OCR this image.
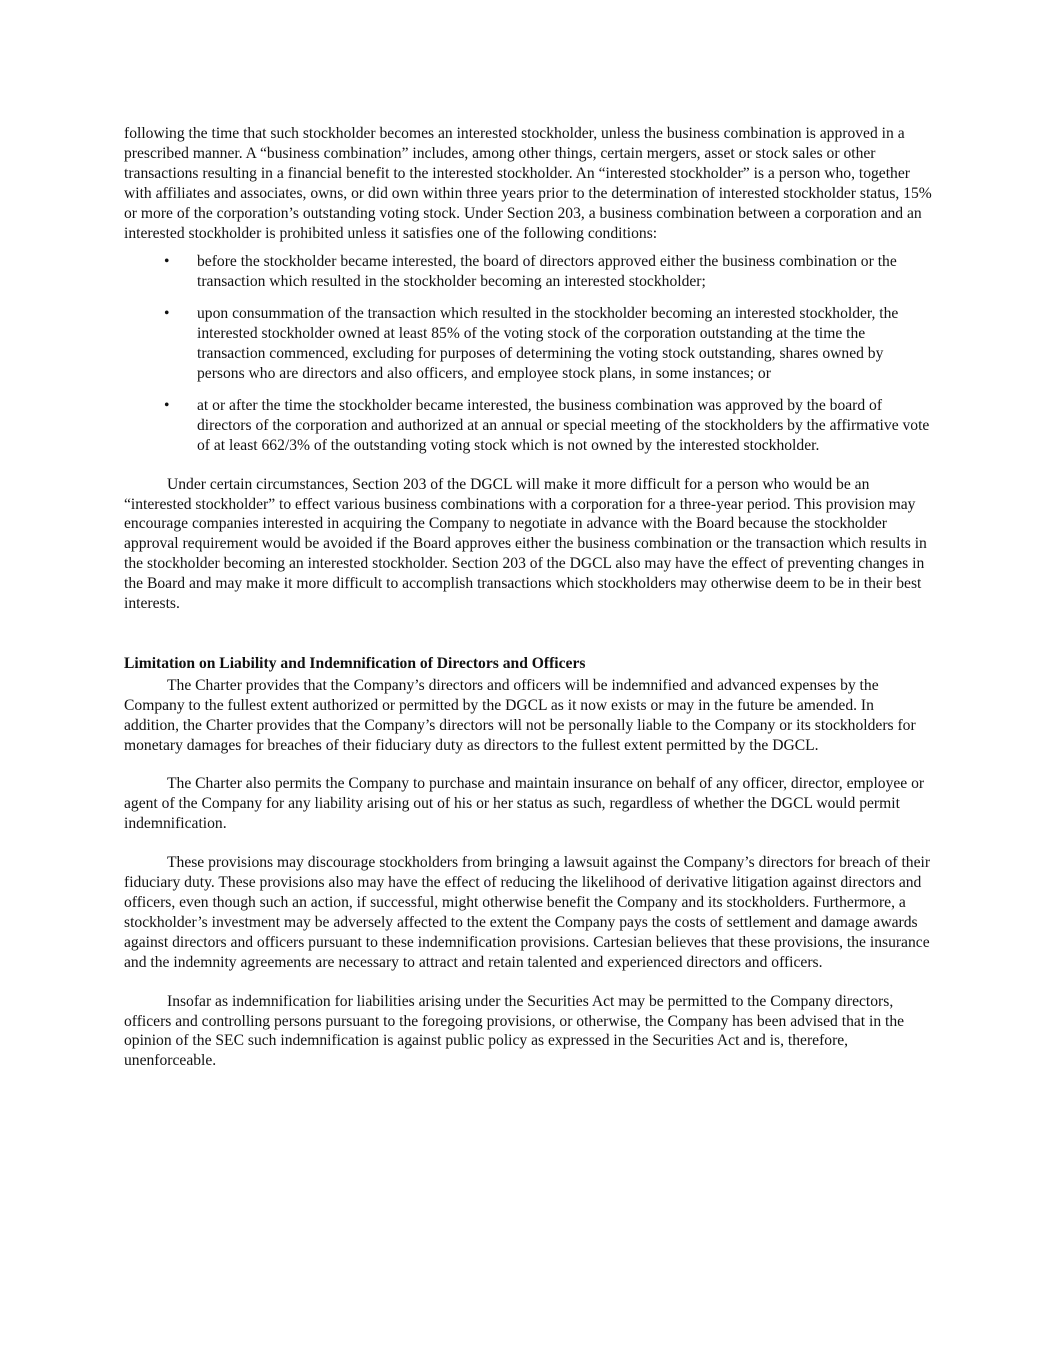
following the time that such stockholder becomes an interested stockholder, unless the business combination is approved in a prescribed manner. A “business combination” includes, among other things, certain mergers, asset or stock sales or other transactions resulting in a financial benefit to the interested stockholder. An “interested stockholder” is a person who, together with affiliates and associates, owns, or did own within three years prior to the determination of interested stockholder status, 15% or more of the corporation’s outstanding voting stock. Under Section 203, a business combination between a corporation and an interested stockholder is prohibited unless it satisfies one of the following conditions:

• before the stockholder became interested, the board of directors approved either the business combination or the transaction which resulted in the stockholder becoming an interested stockholder;
• upon consummation of the transaction which resulted in the stockholder becoming an interested stockholder, the interested stockholder owned at least 85% of the voting stock of the corporation outstanding at the time the transaction commenced, excluding for purposes of determining the voting stock outstanding, shares owned by persons who are directors and also officers, and employee stock plans, in some instances; or
• at or after the time the stockholder became interested, the business combination was approved by the board of directors of the corporation and authorized at an annual or special meeting of the stockholders by the affirmative vote of at least 662/3% of the outstanding voting stock which is not owned by the interested stockholder.

Under certain circumstances, Section 203 of the DGCL will make it more difficult for a person who would be an “interested stockholder” to effect various business combinations with a corporation for a three-year period. This provision may encourage companies interested in acquiring the Company to negotiate in advance with the Board because the stockholder approval requirement would be avoided if the Board approves either the business combination or the transaction which results in the stockholder becoming an interested stockholder. Section 203 of the DGCL also may have the effect of preventing changes in the Board and may make it more difficult to accomplish transactions which stockholders may otherwise deem to be in their best interests.

Limitation on Liability and Indemnification of Directors and Officers

The Charter provides that the Company’s directors and officers will be indemnified and advanced expenses by the Company to the fullest extent authorized or permitted by the DGCL as it now exists or may in the future be amended. In addition, the Charter provides that the Company’s directors will not be personally liable to the Company or its stockholders for monetary damages for breaches of their fiduciary duty as directors to the fullest extent permitted by the DGCL.

The Charter also permits the Company to purchase and maintain insurance on behalf of any officer, director, employee or agent of the Company for any liability arising out of his or her status as such, regardless of whether the DGCL would permit indemnification.

These provisions may discourage stockholders from bringing a lawsuit against the Company’s directors for breach of their fiduciary duty. These provisions also may have the effect of reducing the likelihood of derivative litigation against directors and officers, even though such an action, if successful, might otherwise benefit the Company and its stockholders. Furthermore, a stockholder’s investment may be adversely affected to the extent the Company pays the costs of settlement and damage awards against directors and officers pursuant to these indemnification provisions. Cartesian believes that these provisions, the insurance and the indemnity agreements are necessary to attract and retain talented and experienced directors and officers.

Insofar as indemnification for liabilities arising under the Securities Act may be permitted to the Company directors, officers and controlling persons pursuant to the foregoing provisions, or otherwise, the Company has been advised that in the opinion of the SEC such indemnification is against public policy as expressed in the Securities Act and is, therefore, unenforceable.
